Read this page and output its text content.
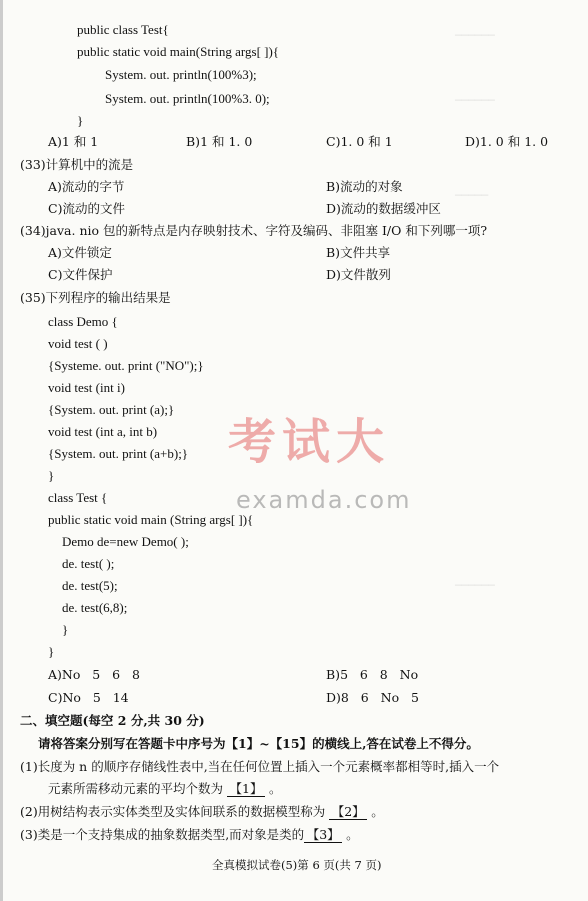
──────
──────
─────
──────
public class Test{
public static void main(String args[ ]){
System. out. println(100%3);
System. out. println(100%3. 0);
}
A)1 和 1	B)1 和 1. 0	C)1. 0 和 1	D)1. 0 和 1. 0
(33)计算机中的流是
A)流动的字节	B)流动的对象
C)流动的文件	D)流动的数据缓冲区
(34)java. nio 包的新特点是内存映射技术、字符及编码、非阻塞 I/O 和下列哪一项?
A)文件锁定	B)文件共享
C)文件保护	D)文件散列
(35)下列程序的输出结果是
class Demo {
void test ( )
{Systeme. out. print ("NO");}
void test (int i)
{System. out. print (a);}
void test (int a, int b)
{System. out. print (a+b);}
}
class Test {
public static void main (String args[ ]){
Demo de=new Demo( );
de. test( );
de. test(5);
de. test(6,8);
}
}
A)No   5   6   8	B)5   6   8   No
C)No   5   14	D)8   6   No   5
二、填空题(每空 2 分,共 30 分)
请将答案分别写在答题卡中序号为【1】~【15】的横线上,答在试卷上不得分。
(1)长度为 n 的顺序存储线性表中,当在任何位置上插入一个元素概率都相等时,插入一个
元素所需移动元素的平均个数为 【1】 。
(2)用树结构表示实体类型及实体间联系的数据模型称为 【2】 。
(3)类是一个支持集成的抽象数据类型,而对象是类的 【3】 。
全真模拟试卷(5)第 6 页(共 7 页)
考试大
examda.com
